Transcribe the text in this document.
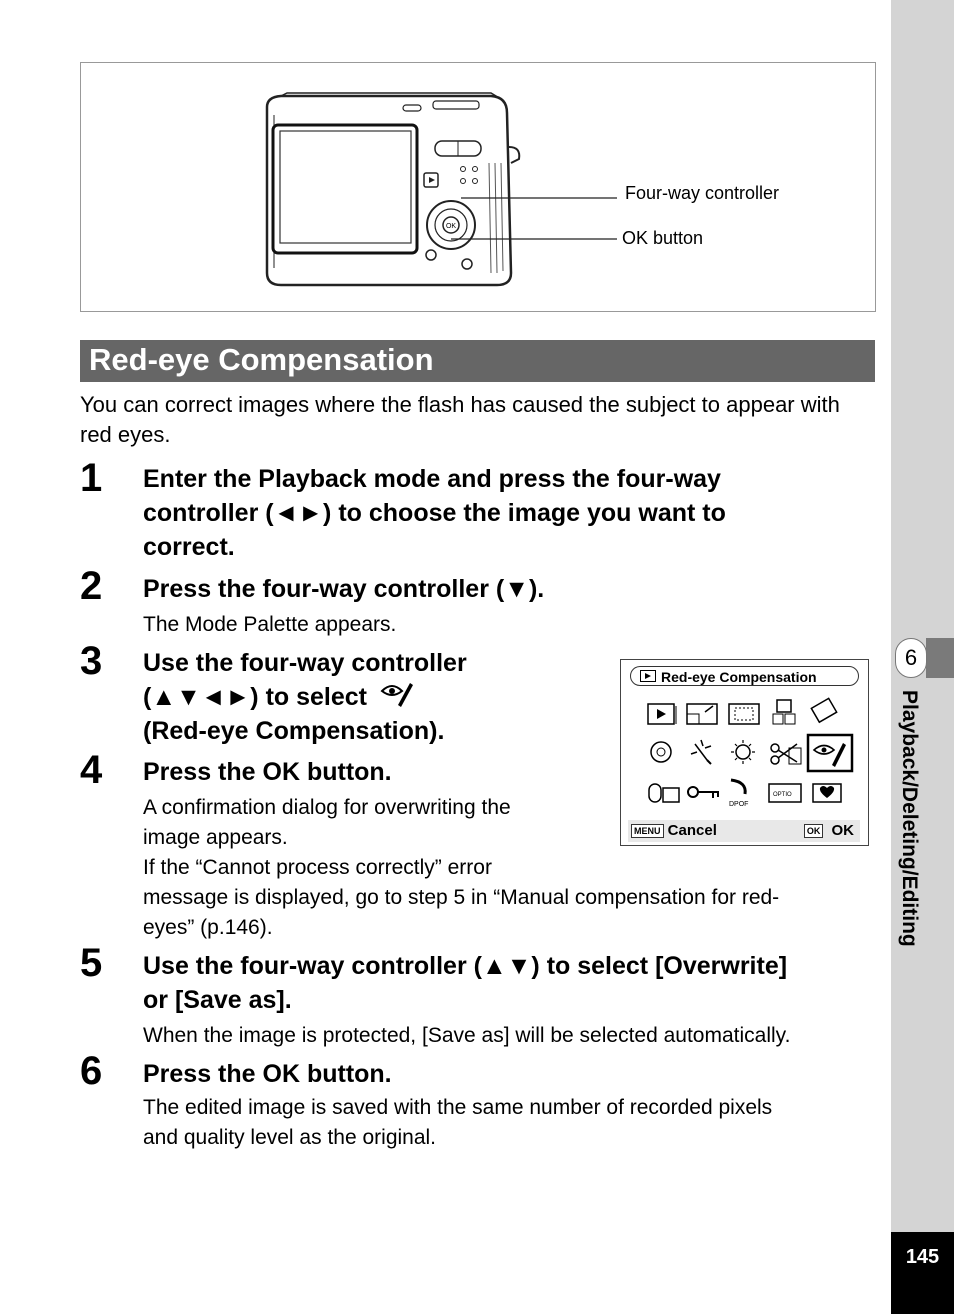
6
Playback/Deleting/Editing
145
OK
Four-way controller
OK button
Red-eye Compensation
You can correct images where the flash has caused the subject to appear with red eyes.
1 Enter the Playback mode and press the four-way
controller (◄►) to choose the image you want to
correct.
2 Press the four-way controller (▼).
The Mode Palette appears.
3 Use the four-way controller
(▲▼◄►) to select
(Red-eye Compensation).
4 Press the OK button.
A confirmation dialog for overwriting the
image appears.
If the “Cannot process correctly” error
message is displayed, go to step 5 in “Manual compensation for red-
eyes” (p.146).
5 Use the four-way controller (▲▼) to select [Overwrite]
or [Save as].
When the image is protected, [Save as] will be selected automatically.
6 Press the OK button.
The edited image is saved with the same number of recorded pixels
and quality level as the original.
Red-eye Compensation
DPOF
OPTIO
MENU Cancel	OK OK
